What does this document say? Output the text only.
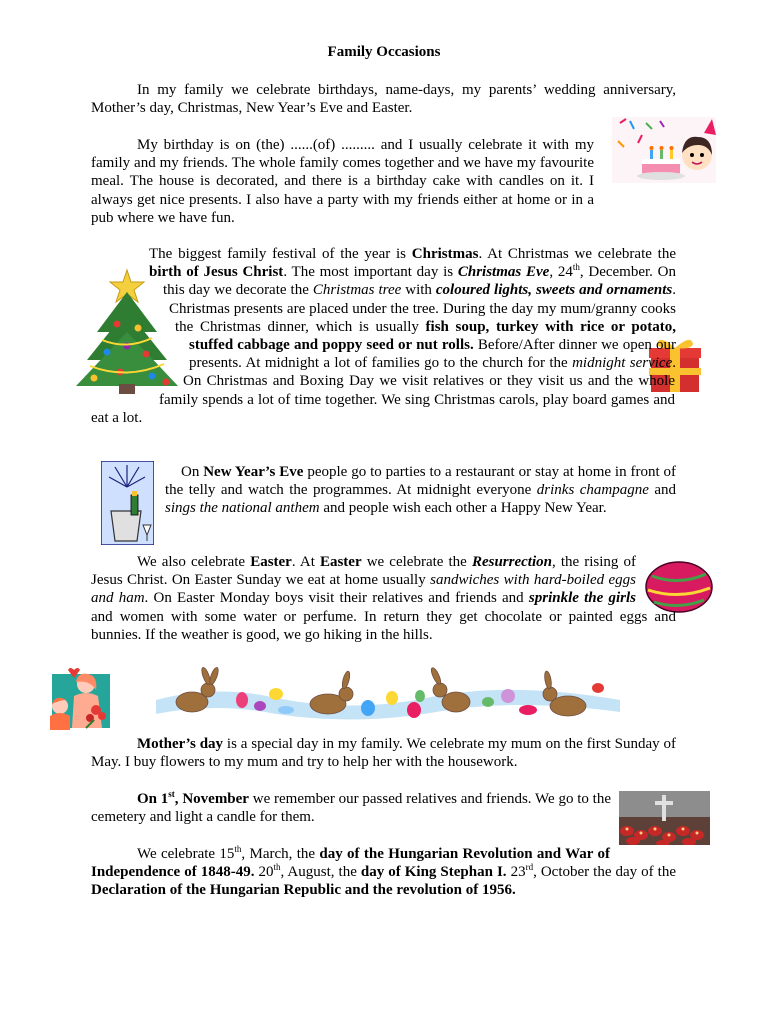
Family Occasions
In my family we celebrate birthdays, name-days, my parents’ wedding anniversary, Mother’s day, Christmas, New Year’s Eve and Easter.
My birthday is on (the) ......(of) ......... and I usually celebrate it with my family and my friends. The whole family comes together and we have my favourite meal. The house is decorated, and there is a birthday cake with candles on it. I always get nice presents. I also have a party with my friends either at home or in a pub where we have fun.
The biggest family festival of the year is Christmas. At Christmas we celebrate the birth of Jesus Christ. The most important day is Christmas Eve, 24th, December. On this day we decorate the Christmas tree with coloured lights, sweets and ornaments. Christmas presents are placed under the tree. During the day my mum/granny cooks the Christmas dinner, which is usually fish soup, turkey with rice or potato, stuffed cabbage and poppy seed or nut rolls. Before/After dinner we open our presents. At midnight a lot of families go to the church for the midnight service. On Christmas and Boxing Day we visit relatives or they visit us and the whole family spends a lot of time together. We sing Christmas carols, play board games and eat a lot.
On New Year’s Eve people go to parties to a restaurant or stay at home in front of the telly and watch the programmes. At midnight everyone drinks champagne and sings the national anthem and people wish each other a Happy New Year.
We also celebrate Easter. At Easter we celebrate the Resurrection, the rising of Jesus Christ. On Easter Sunday we eat at home usually sandwiches with hard-boiled eggs and ham. On Easter Monday boys visit their relatives and friends and sprinkle the girls and women with some water or perfume. In return they get chocolate or painted eggs and bunnies. If the weather is good, we go hiking in the hills.
Mother’s day is a special day in my family. We celebrate my mum on the first Sunday of May. I buy flowers to my mum and try to help her with the housework.
On 1st, November we remember our passed relatives and friends. We go to the cemetery and light a candle for them.
We celebrate 15th, March, the day of the Hungarian Revolution and War of Independence of 1848-49. 20th, August, the day of King Stephan I. 23rd, October the day of the Declaration of the Hungarian Republic and the revolution of 1956.
